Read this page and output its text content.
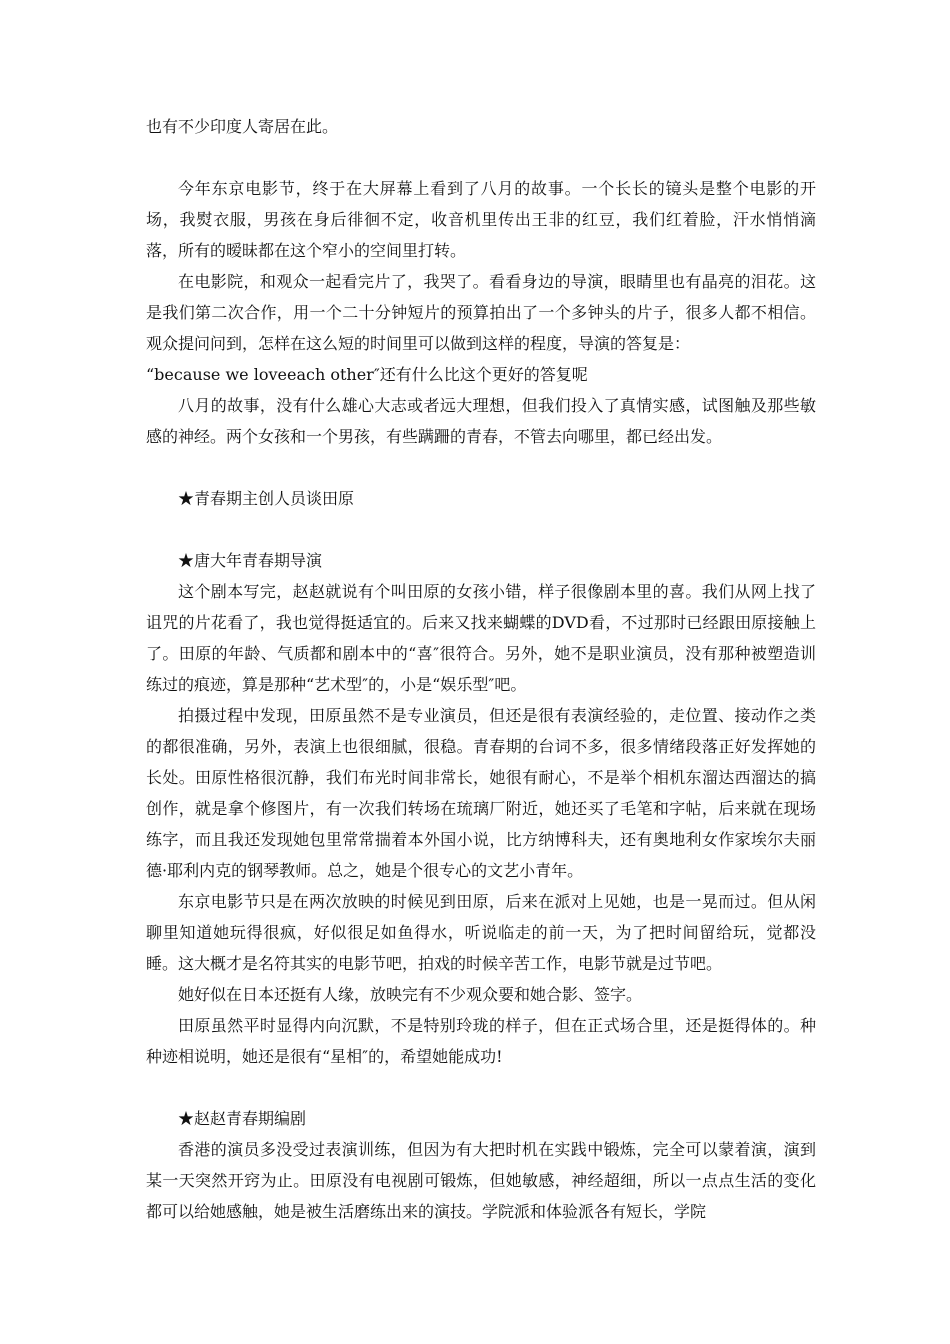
也有不少印度人寄居在此。

今年东京电影节，终于在大屏幕上看到了八月的故事。一个长长的镜头是整个电影的开场，我熨衣服，男孩在身后徘徊不定，收音机里传出王非的红豆，我们红着脸，汗水悄悄滴落，所有的暧昧都在这个窄小的空间里打转。

在电影院，和观众一起看完片了，我哭了。看看身边的导演，眼睛里也有晶亮的泪花。这是我们第二次合作，用一个二十分钟短片的预算拍出了一个多钟头的片子，很多人都不相信。观众提问问到，怎样在这么短的时间里可以做到这样的程度，导演的答复是：

“because we loveeach other″还有什么比这个更好的答复呢

八月的故事，没有什么雄心大志或者远大理想，但我们投入了真情实感，试图触及那些敏感的神经。两个女孩和一个男孩，有些蹒跚的青春，不管去向哪里，都已经出发。

★青春期主创人员谈田原

★唐大年青春期导演

这个剧本写完，赵赵就说有个叫田原的女孩小错，样子很像剧本里的喜。我们从网上找了诅咒的片花看了，我也觉得挺适宜的。后来又找来蝴蝶的DVD看，不过那时已经跟田原接触上了。田原的年龄、气质都和剧本中的“喜″很符合。另外，她不是职业演员，没有那种被塑造训练过的痕迹，算是那种“艺术型″的，小是“娱乐型″吧。

拍摄过程中发现，田原虽然不是专业演员，但还是很有表演经验的，走位置、接动作之类的都很准确，另外，表演上也很细腻，很稳。青春期的台词不多，很多情绪段落正好发挥她的长处。田原性格很沉静，我们布光时间非常长，她很有耐心，不是举个相机东溜达西溜达的搞创作，就是拿个修图片，有一次我们转场在琉璃厂附近，她还买了毛笔和字帖，后来就在现场练字，而且我还发现她包里常常揣着本外国小说，比方纳博科夫，还有奥地利女作家埃尔夫丽德·耶利内克的钢琴教师。总之，她是个很专心的文艺小青年。

东京电影节只是在两次放映的时候见到田原，后来在派对上见她，也是一晃而过。但从闲聊里知道她玩得很疯，好似很足如鱼得水，听说临走的前一天，为了把时间留给玩，觉都没睡。这大概才是名符其实的电影节吧，拍戏的时候辛苦工作，电影节就是过节吧。

她好似在日本还挺有人缘，放映完有不少观众要和她合影、签字。

田原虽然平时显得内向沉默，不是特别玲珑的样子，但在正式场合里，还是挺得体的。种种迹相说明，她还是很有“星相″的，希望她能成功!

★赵赵青春期编剧

香港的演员多没受过表演训练，但因为有大把时机在实践中锻炼，完全可以蒙着演，演到某一天突然开窍为止。田原没有电视剧可锻炼，但她敏感，神经超细，所以一点点生活的变化都可以给她感触，她是被生活磨练出来的演技。学院派和体验派各有短长，学院
